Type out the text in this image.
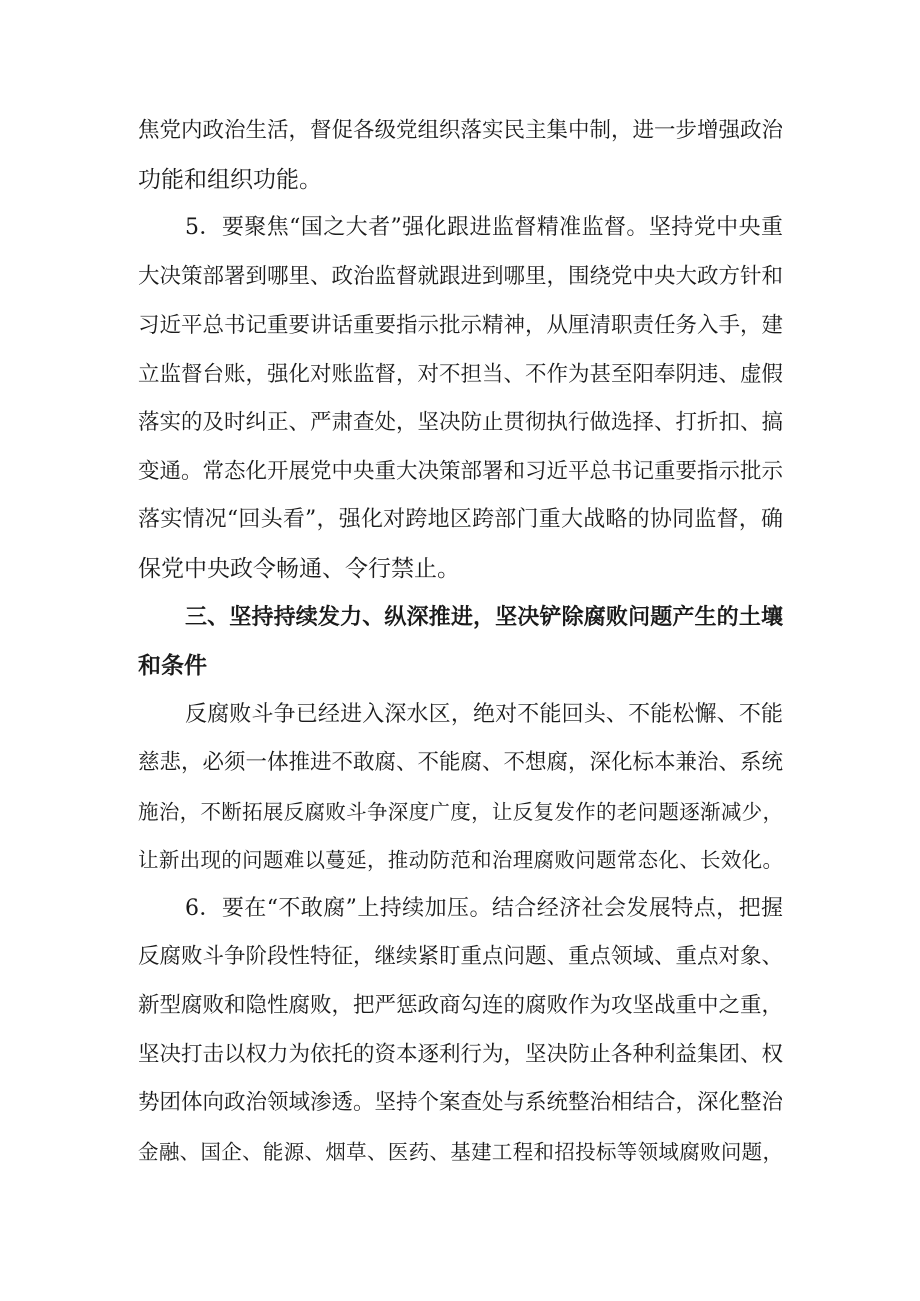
焦党内政治生活，督促各级党组织落实民主集中制，进一步增强政治
功能和组织功能。
5．要聚焦“国之大者”强化跟进监督精准监督。坚持党中央重
大决策部署到哪里、政治监督就跟进到哪里，围绕党中央大政方针和
习近平总书记重要讲话重要指示批示精神，从厘清职责任务入手，建
立监督台账，强化对账监督，对不担当、不作为甚至阳奉阴违、虚假
落实的及时纠正、严肃查处，坚决防止贯彻执行做选择、打折扣、搞
变通。常态化开展党中央重大决策部署和习近平总书记重要指示批示
落实情况“回头看”，强化对跨地区跨部门重大战略的协同监督，确
保党中央政令畅通、令行禁止。
三、坚持持续发力、纵深推进，坚决铲除腐败问题产生的土壤
和条件
反腐败斗争已经进入深水区，绝对不能回头、不能松懈、不能
慈悲，必须一体推进不敢腐、不能腐、不想腐，深化标本兼治、系统
施治，不断拓展反腐败斗争深度广度，让反复发作的老问题逐渐减少，
让新出现的问题难以蔓延，推动防范和治理腐败问题常态化、长效化。
6．要在“不敢腐”上持续加压。结合经济社会发展特点，把握
反腐败斗争阶段性特征，继续紧盯重点问题、重点领域、重点对象、
新型腐败和隐性腐败，把严惩政商勾连的腐败作为攻坚战重中之重，
坚决打击以权力为依托的资本逐利行为，坚决防止各种利益集团、权
势团体向政治领域渗透。坚持个案查处与系统整治相结合，深化整治
金融、国企、能源、烟草、医药、基建工程和招投标等领域腐败问题，
